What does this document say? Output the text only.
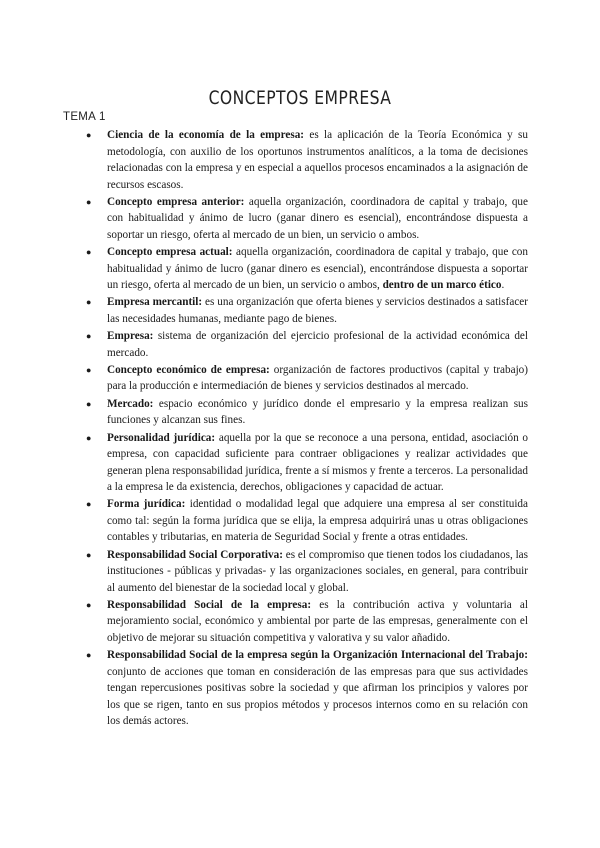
CONCEPTOS EMPRESA
TEMA 1
● Ciencia de la economía de la empresa: es la aplicación de la Teoría Económica y su metodología, con auxilio de los oportunos instrumentos analíticos, a la toma de decisiones relacionadas con la empresa y en especial a aquellos procesos encaminados a la asignación de recursos escasos.
● Concepto empresa anterior: aquella organización, coordinadora de capital y trabajo, que con habitualidad y ánimo de lucro (ganar dinero es esencial), encontrándose dispuesta a soportar un riesgo, oferta al mercado de un bien, un servicio o ambos.
● Concepto empresa actual: aquella organización, coordinadora de capital y trabajo, que con habitualidad y ánimo de lucro (ganar dinero es esencial), encontrándose dispuesta a soportar un riesgo, oferta al mercado de un bien, un servicio o ambos, dentro de un marco ético.
● Empresa mercantil: es una organización que oferta bienes y servicios destinados a satisfacer las necesidades humanas, mediante pago de bienes.
● Empresa: sistema de organización del ejercicio profesional de la actividad económica del mercado.
● Concepto económico de empresa: organización de factores productivos (capital y trabajo) para la producción e intermediación de bienes y servicios destinados al mercado.
● Mercado: espacio económico y jurídico donde el empresario y la empresa realizan sus funciones y alcanzan sus fines.
● Personalidad jurídica: aquella por la que se reconoce a una persona, entidad, asociación o empresa, con capacidad suficiente para contraer obligaciones y realizar actividades que generan plena responsabilidad jurídica, frente a sí mismos y frente a terceros. La personalidad a la empresa le da existencia, derechos, obligaciones y capacidad de actuar.
● Forma jurídica: identidad o modalidad legal que adquiere una empresa al ser constituida como tal: según la forma jurídica que se elija, la empresa adquirirá unas u otras obligaciones contables y tributarias, en materia de Seguridad Social y frente a otras entidades.
● Responsabilidad Social Corporativa: es el compromiso que tienen todos los ciudadanos, las instituciones - públicas y privadas- y las organizaciones sociales, en general, para contribuir al aumento del bienestar de la sociedad local y global.
● Responsabilidad Social de la empresa: es la contribución activa y voluntaria al mejoramiento social, económico y ambiental por parte de las empresas, generalmente con el objetivo de mejorar su situación competitiva y valorativa y su valor añadido.
● Responsabilidad Social de la empresa según la Organización Internacional del Trabajo: conjunto de acciones que toman en consideración de las empresas para que sus actividades tengan repercusiones positivas sobre la sociedad y que afirman los principios y valores por los que se rigen, tanto en sus propios métodos y procesos internos como en su relación con los demás actores.
